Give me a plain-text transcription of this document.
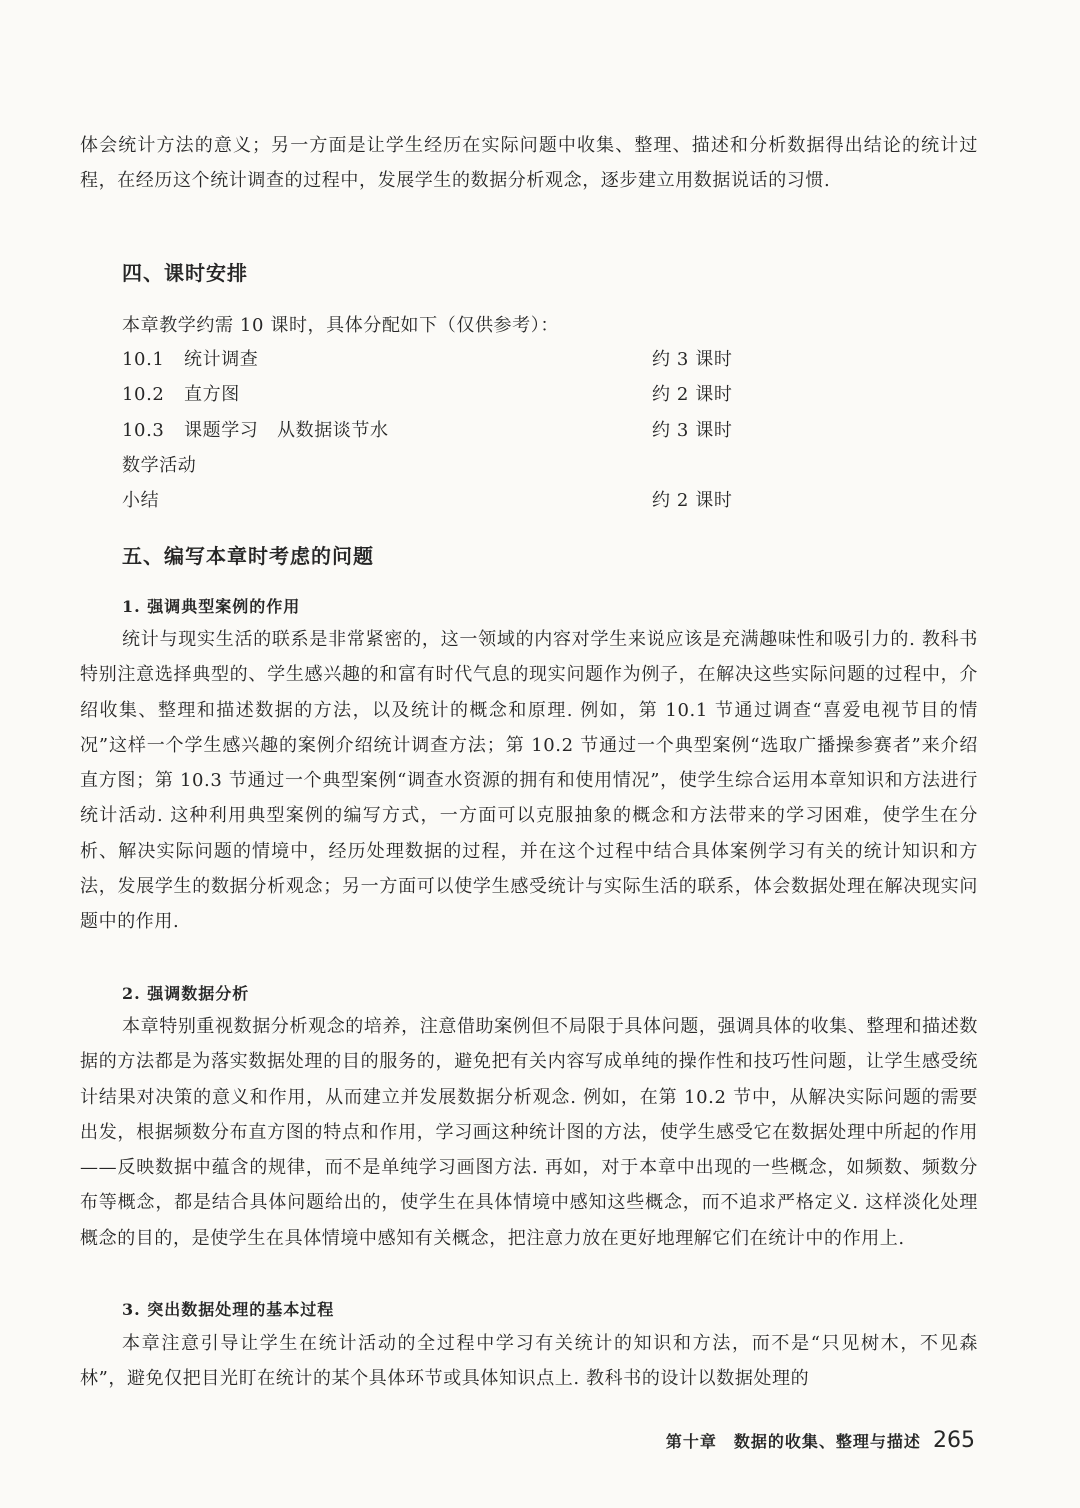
体会统计方法的意义；另一方面是让学生经历在实际问题中收集、整理、描述和分析数据得出结论的统计过程，在经历这个统计调查的过程中，发展学生的数据分析观念，逐步建立用数据说话的习惯.

四、课时安排

本章教学约需 10 课时，具体分配如下（仅供参考）：

10.1 统计调查	约 3 课时
10.2 直方图	约 2 课时
10.3 课题学习　从数据谈节水	约 3 课时
数学活动
小结	约 2 课时
五、编写本章时考虑的问题
1. 强调典型案例的作用

统计与现实生活的联系是非常紧密的，这一领域的内容对学生来说应该是充满趣味性和吸引力的. 教科书特别注意选择典型的、学生感兴趣的和富有时代气息的现实问题作为例子，在解决这些实际问题的过程中，介绍收集、整理和描述数据的方法，以及统计的概念和原理. 例如，第 10.1 节通过调查“喜爱电视节目的情况”这样一个学生感兴趣的案例介绍统计调查方法；第 10.2 节通过一个典型案例“选取广播操参赛者”来介绍直方图；第 10.3 节通过一个典型案例“调查水资源的拥有和使用情况”，使学生综合运用本章知识和方法进行统计活动. 这种利用典型案例的编写方式，一方面可以克服抽象的概念和方法带来的学习困难，使学生在分析、解决实际问题的情境中，经历处理数据的过程，并在这个过程中结合具体案例学习有关的统计知识和方法，发展学生的数据分析观念；另一方面可以使学生感受统计与实际生活的联系，体会数据处理在解决现实问题中的作用.

2. 强调数据分析

本章特别重视数据分析观念的培养，注意借助案例但不局限于具体问题，强调具体的收集、整理和描述数据的方法都是为落实数据处理的目的服务的，避免把有关内容写成单纯的操作性和技巧性问题，让学生感受统计结果对决策的意义和作用，从而建立并发展数据分析观念. 例如，在第 10.2 节中，从解决实际问题的需要出发，根据频数分布直方图的特点和作用，学习画这种统计图的方法，使学生感受它在数据处理中所起的作用——反映数据中蕴含的规律，而不是单纯学习画图方法. 再如，对于本章中出现的一些概念，如频数、频数分布等概念，都是结合具体问题给出的，使学生在具体情境中感知这些概念，而不追求严格定义. 这样淡化处理概念的目的，是使学生在具体情境中感知有关概念，把注意力放在更好地理解它们在统计中的作用上.

3. 突出数据处理的基本过程

本章注意引导让学生在统计活动的全过程中学习有关统计的知识和方法，而不是“只见树木，不见森林”，避免仅把目光盯在统计的某个具体环节或具体知识点上. 教科书的设计以数据处理的

第十章　数据的收集、整理与描述 265
